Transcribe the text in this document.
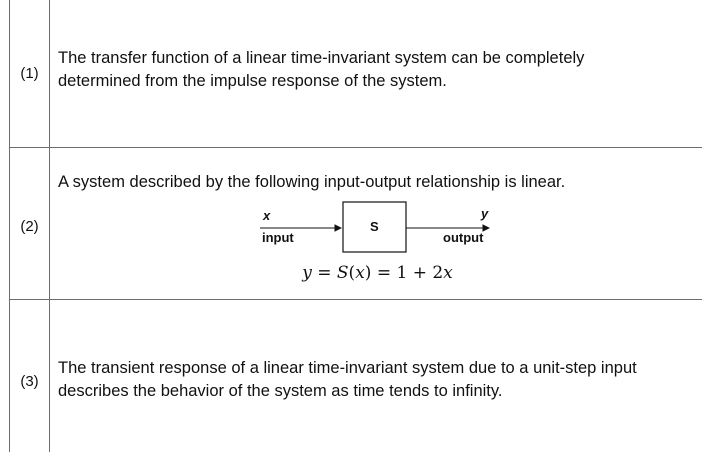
(1)
The transfer function of a linear time-invariant system can be completely
determined from the impulse response of the system.
(2)
A system described by the following input-output relationship is linear.
x
input
S
y
output
y = S(x) = 1 + 2x
(3)
The transient response of a linear time-invariant system due to a unit-step input
describes the behavior of the system as time tends to infinity.
